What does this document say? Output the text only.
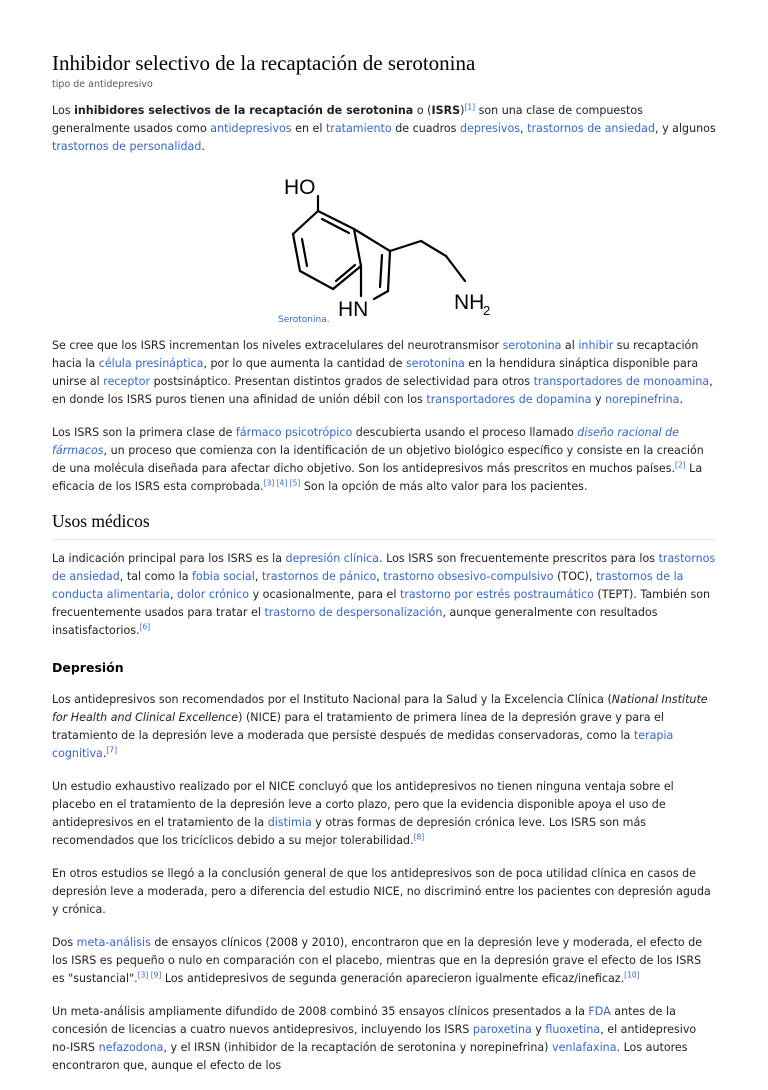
Inhibidor selectivo de la recaptación de serotonina
tipo de antidepresivo

Los inhibidores selectivos de la recaptación de serotonina o (ISRS)[1] son una clase de compuestos generalmente usados como antidepresivos en el tratamiento de cuadros depresivos, trastornos de ansiedad, y algunos trastornos de personalidad.

HO
HN	NH
2
Serotonina.

Se cree que los ISRS incrementan los niveles extracelulares del neurotransmisor serotonina al inhibir su recaptación hacia la célula presináptica, por lo que aumenta la cantidad de serotonina en la hendidura sináptica disponible para unirse al receptor postsináptico. Presentan distintos grados de selectividad para otros transportadores de monoamina, en donde los ISRS puros tienen una afinidad de unión débil con los transportadores de dopamina y norepinefrina.

Los ISRS son la primera clase de fármaco psicotrópico descubierta usando el proceso llamado diseño racional de fármacos, un proceso que comienza con la identificación de un objetivo biológico específico y consiste en la creación de una molécula diseñada para afectar dicho objetivo. Son los antidepresivos más prescritos en muchos países.[2] La eficacia de los ISRS esta comprobada.[3] [4] [5] Son la opción de más alto valor para los pacientes.

Usos médicos

La indicación principal para los ISRS es la depresión clínica. Los ISRS son frecuentemente prescritos para los trastornos de ansiedad, tal como la fobia social, trastornos de pánico, trastorno obsesivo-compulsivo (TOC), trastornos de la conducta alimentaria, dolor crónico y ocasionalmente, para el trastorno por estrés postraumático (TEPT). También son frecuentemente usados para tratar el trastorno de despersonalización, aunque generalmente con resultados insatisfactorios.[6]

Depresión

Los antidepresivos son recomendados por el Instituto Nacional para la Salud y la Excelencia Clínica (National Institute for Health and Clinical Excellence) (NICE) para el tratamiento de primera línea de la depresión grave y para el tratamiento de la depresión leve a moderada que persiste después de medidas conservadoras, como la terapia cognitiva.[7]

Un estudio exhaustivo realizado por el NICE concluyó que los antidepresivos no tienen ninguna ventaja sobre el placebo en el tratamiento de la depresión leve a corto plazo, pero que la evidencia disponible apoya el uso de antidepresivos en el tratamiento de la distimia y otras formas de depresión crónica leve. Los ISRS son más recomendados que los tricíclicos debido a su mejor tolerabilidad.[8]

En otros estudios se llegó a la conclusión general de que los antidepresivos son de poca utilidad clínica en casos de depresión leve a moderada, pero a diferencia del estudio NICE, no discriminó entre los pacientes con depresión aguda y crónica.

Dos meta-análisis de ensayos clínicos (2008 y 2010), encontraron que en la depresión leve y moderada, el efecto de los ISRS es pequeño o nulo en comparación con el placebo, mientras que en la depresión grave el efecto de los ISRS es "sustancial".[3] [9] Los antidepresivos de segunda generación aparecieron igualmente eficaz/ineficaz.[10]

Un meta-análisis ampliamente difundido de 2008 combinó 35 ensayos clínicos presentados a la FDA antes de la concesión de licencias a cuatro nuevos antidepresivos, incluyendo los ISRS paroxetina y fluoxetina, el antidepresivo no-ISRS nefazodona, y el IRSN (inhibidor de la recaptación de serotonina y norepinefrina) venlafaxina. Los autores encontraron que, aunque el efecto de los
